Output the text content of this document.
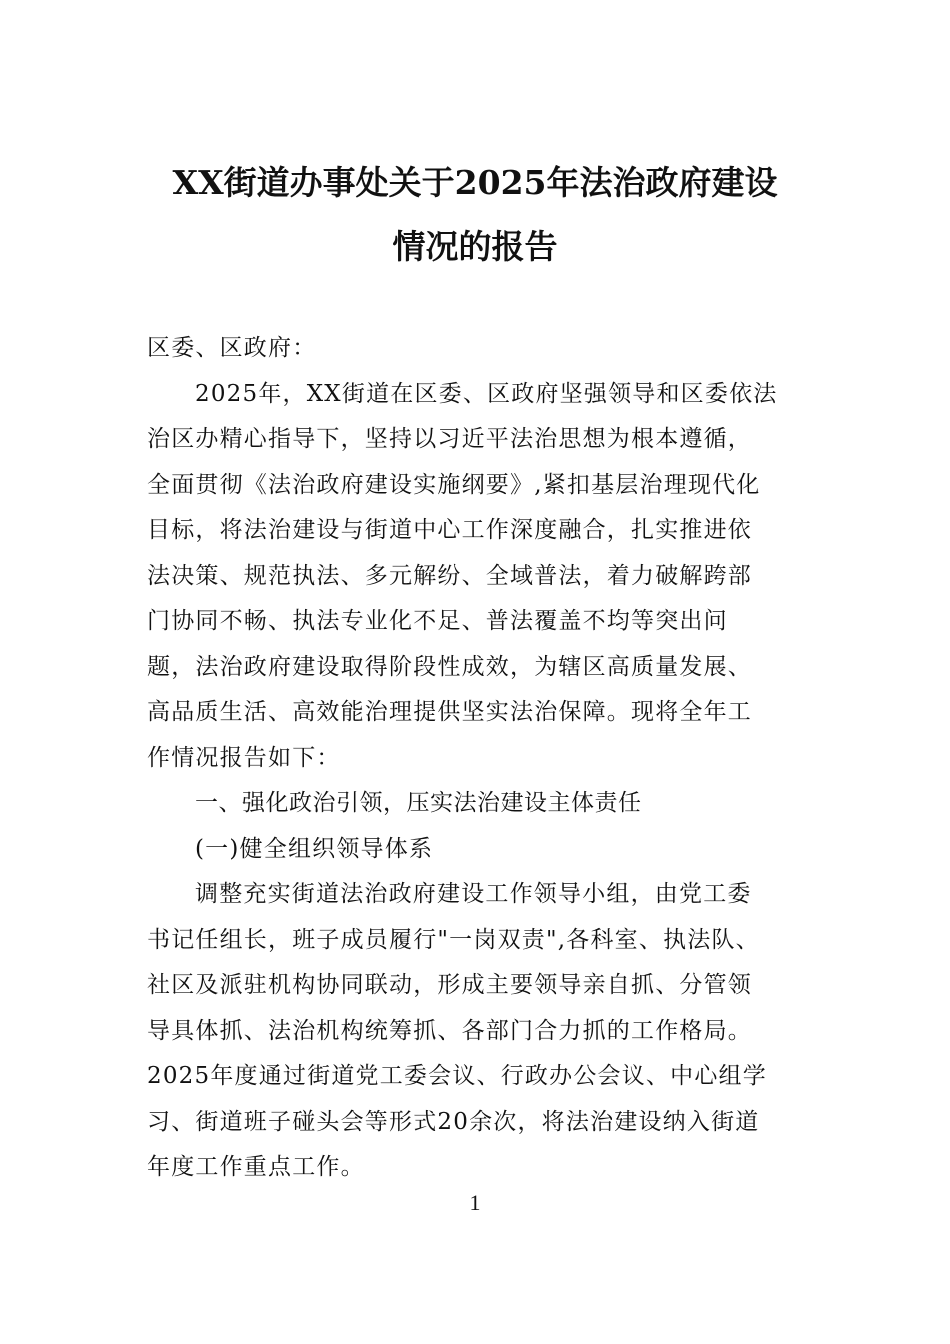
XX街道办事处关于2025年法治政府建设
情况的报告
区委、区政府：
2025年，XX街道在区委、区政府坚强领导和区委依法
治区办精心指导下，坚持以习近平法治思想为根本遵循，
全面贯彻《法治政府建设实施纲要》,紧扣基层治理现代化
目标，将法治建设与街道中心工作深度融合，扎实推进依
法决策、规范执法、多元解纷、全域普法，着力破解跨部
门协同不畅、执法专业化不足、普法覆盖不均等突出问
题，法治政府建设取得阶段性成效，为辖区高质量发展、
高品质生活、高效能治理提供坚实法治保障。现将全年工
作情况报告如下：
一、强化政治引领，压实法治建设主体责任
(一)健全组织领导体系
调整充实街道法治政府建设工作领导小组，由党工委
书记任组长，班子成员履行"一岗双责",各科室、执法队、
社区及派驻机构协同联动，形成主要领导亲自抓、分管领
导具体抓、法治机构统筹抓、各部门合力抓的工作格局。
2025年度通过街道党工委会议、行政办公会议、中心组学
习、街道班子碰头会等形式20余次，将法治建设纳入街道
年度工作重点工作。
1
